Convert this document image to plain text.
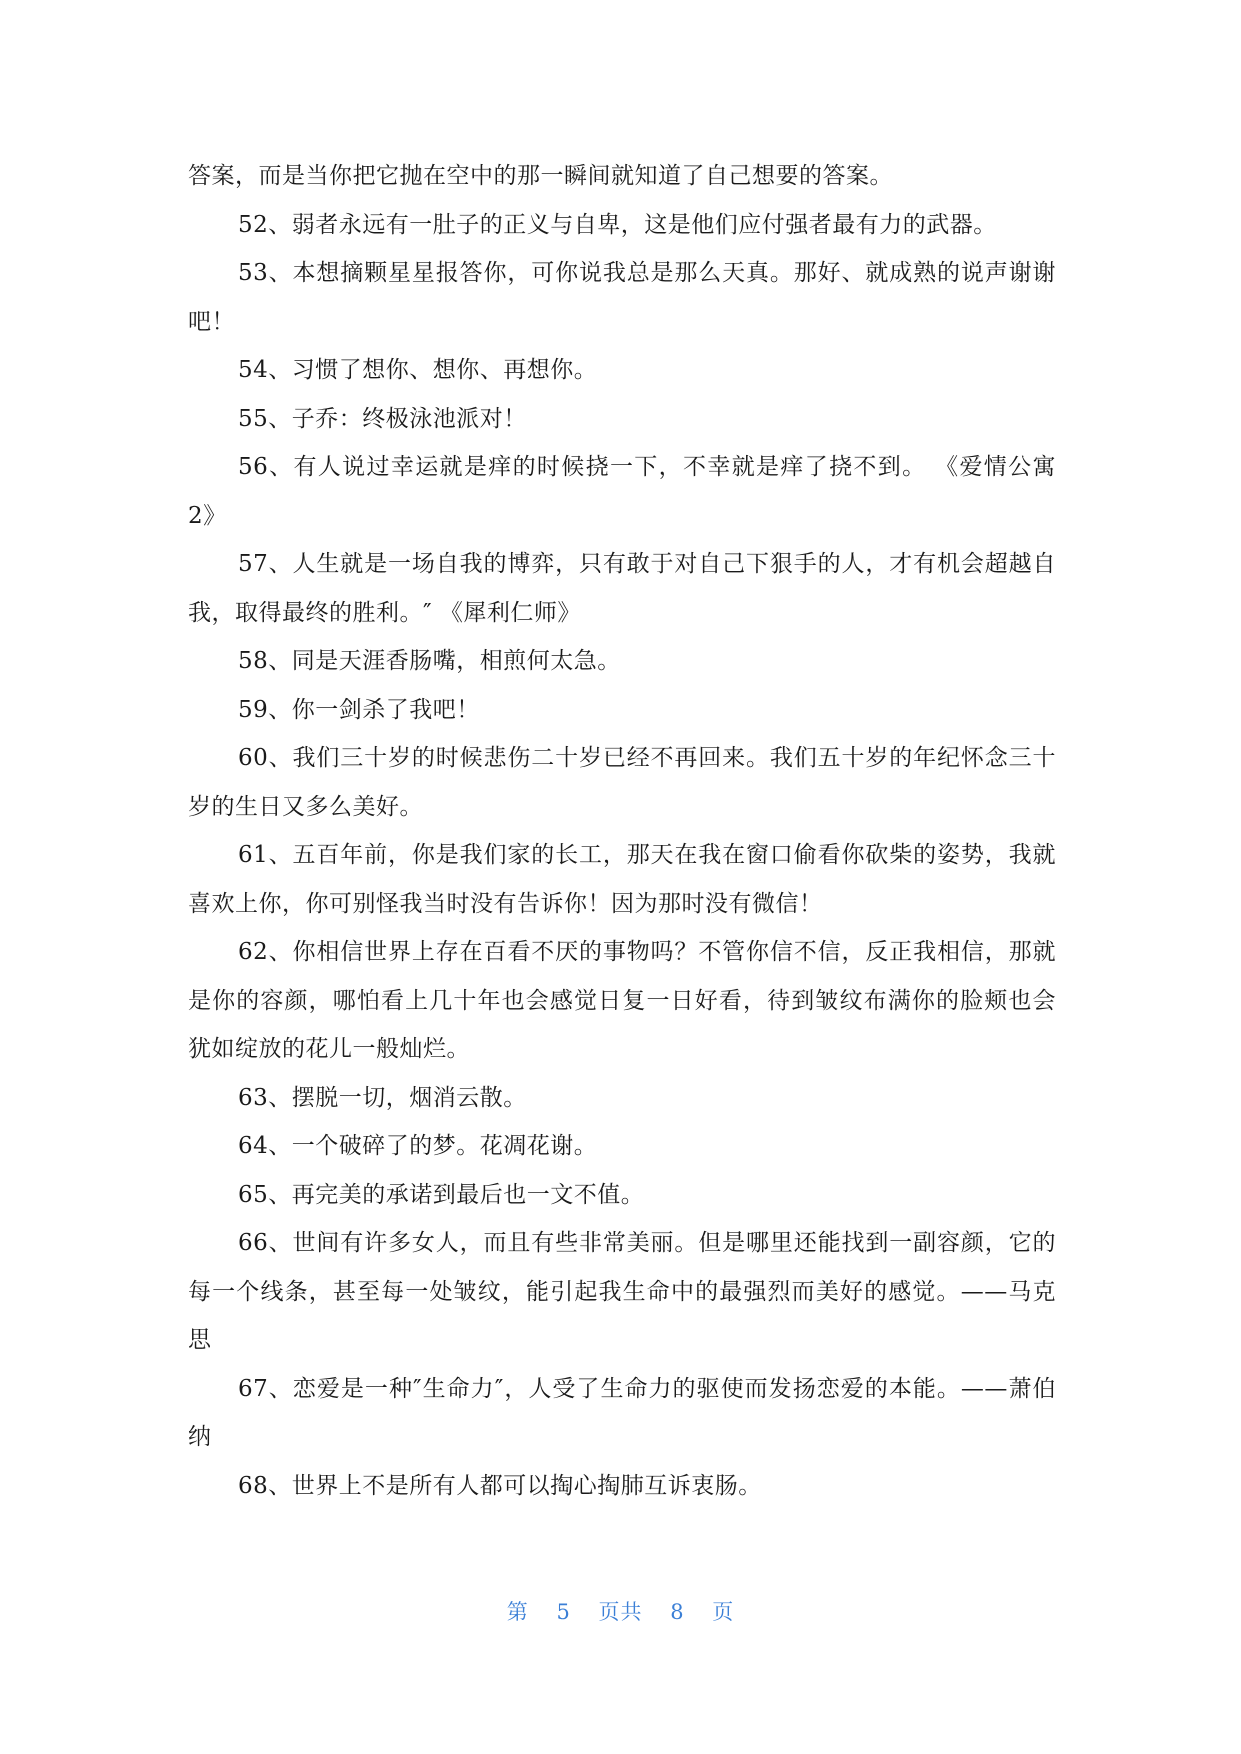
答案，而是当你把它抛在空中的那一瞬间就知道了自己想要的答案。

52、弱者永远有一肚子的正义与自卑，这是他们应付强者最有力的武器。

53、本想摘颗星星报答你，可你说我总是那么天真。那好、就成熟的说声谢谢吧！

54、习惯了想你、想你、再想你。

55、子乔：终极泳池派对！

56、有人说过幸运就是痒的时候挠一下，不幸就是痒了挠不到。 《爱情公寓 2》

57、人生就是一场自我的博弈，只有敢于对自己下狠手的人，才有机会超越自我，取得最终的胜利。″ 《犀利仁师》

58、同是天涯香肠嘴，相煎何太急。

59、你一剑杀了我吧！

60、我们三十岁的时候悲伤二十岁已经不再回来。我们五十岁的年纪怀念三十岁的生日又多么美好。

61、五百年前，你是我们家的长工，那天在我在窗口偷看你砍柴的姿势，我就喜欢上你，你可别怪我当时没有告诉你！因为那时没有微信！

62、你相信世界上存在百看不厌的事物吗？不管你信不信，反正我相信，那就是你的容颜，哪怕看上几十年也会感觉日复一日好看，待到皱纹布满你的脸颊也会犹如绽放的花儿一般灿烂。

63、摆脱一切，烟消云散。

64、一个破碎了的梦。花凋花谢。

65、再完美的承诺到最后也一文不值。

66、世间有许多女人，而且有些非常美丽。但是哪里还能找到一副容颜，它的每一个线条，甚至每一处皱纹，能引起我生命中的最强烈而美好的感觉。——马克思

67、恋爱是一种″生命力″，人受了生命力的驱使而发扬恋爱的本能。——萧伯纳

68、世界上不是所有人都可以掏心掏肺互诉衷肠。

第 5 页共 8 页
